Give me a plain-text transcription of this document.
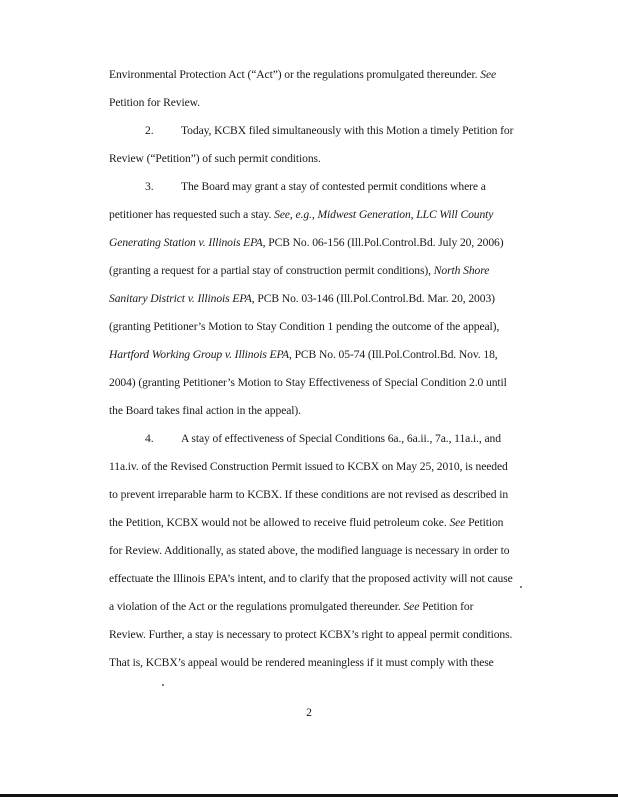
Environmental Protection Act (“Act”) or the regulations promulgated thereunder. See
Petition for Review.
2. Today, KCBX filed simultaneously with this Motion a timely Petition for
Review (“Petition”) of such permit conditions.
3. The Board may grant a stay of contested permit conditions where a
petitioner has requested such a stay. See, e.g., Midwest Generation, LLC Will County
Generating Station v. Illinois EPA, PCB No. 06-156 (Ill.Pol.Control.Bd. July 20, 2006)
(granting a request for a partial stay of construction permit conditions), North Shore
Sanitary District v. Illinois EPA, PCB No. 03-146 (Ill.Pol.Control.Bd. Mar. 20, 2003)
(granting Petitioner’s Motion to Stay Condition 1 pending the outcome of the appeal),
Hartford Working Group v. Illinois EPA, PCB No. 05-74 (Ill.Pol.Control.Bd. Nov. 18,
2004) (granting Petitioner’s Motion to Stay Effectiveness of Special Condition 2.0 until
the Board takes final action in the appeal).
4. A stay of effectiveness of Special Conditions 6a., 6a.ii., 7a., 11a.i., and
11a.iv. of the Revised Construction Permit issued to KCBX on May 25, 2010, is needed
to prevent irreparable harm to KCBX. If these conditions are not revised as described in
the Petition, KCBX would not be allowed to receive fluid petroleum coke. See Petition
for Review. Additionally, as stated above, the modified language is necessary in order to
effectuate the Illinois EPA’s intent, and to clarify that the proposed activity will not cause
a violation of the Act or the regulations promulgated thereunder. See Petition for
Review. Further, a stay is necessary to protect KCBX’s right to appeal permit conditions.
That is, KCBX’s appeal would be rendered meaningless if it must comply with these
2
